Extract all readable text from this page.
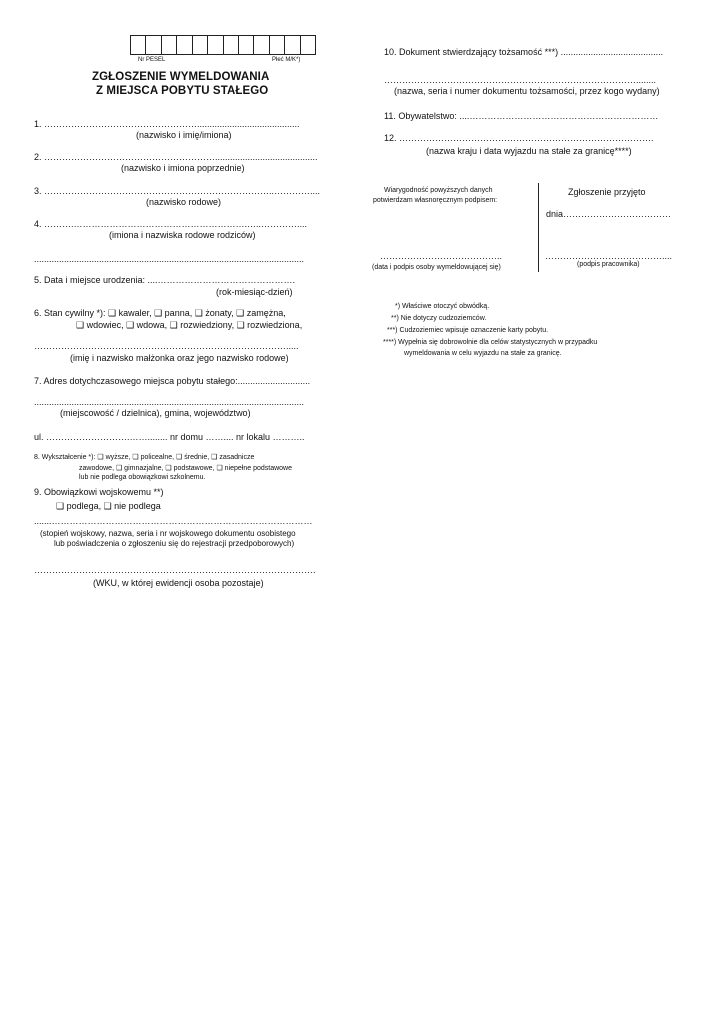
Nr PESEL	Płeć M/K*)
ZGŁOSZENIE WYMELDOWANIA
Z MIEJSCA POBYTU STAŁEGO
1. …………………………………………….........................................
(nazwisko i imię/imiona)
2. ………………………………………………….........................................
(nazwisko i imiona poprzednie)
3. …………………………………………………………………..…………....
(nazwisko rodowe)
4. ……….………………………………………………….…..…………....
(imiona i nazwiska rodowe rodziców)
............................................................................................................
5. Data i miejsce urodzenia: ....……………………………………….
(rok-miesiąc-dzień)
6. Stan cywilny *): ❑ kawaler, ❑ panna, ❑ żonaty, ❑ zamężna,
❑ wdowiec, ❑ wdowa, ❑ rozwiedziony, ❑ rozwiedziona,
………………………………………………………………………….....
(imię i nazwisko małżonka oraz jego nazwisko rodowe)
7. Adres dotychczasowego miejsca pobytu stałego:.............................
............................................................................................................
(miejscowość / dzielnica), gmina, województwo)
ul. ……………………….……........ nr domu …….... nr lokalu ………..
8. Wykształcenie *): ❑ wyższe, ❑ policealne, ❑ średnie, ❑ zasadnicze
zawodowe, ❑ gimnazjalne, ❑ podstawowe, ❑ niepełne podstawowe
lub nie podlega obowiązkowi szkolnemu.
9. Obowiązkowi wojskowemu **)
❑ podlega, ❑ nie podlega
.......……………………………………………………………………………
(stopień wojskowy, nazwa, seria i nr wojskowego dokumentu osobistego
lub poświadczenia o zgłoszeniu się do rejestracji przedpoborowych)
………………………………………………………………………………….
(WKU, w której ewidencji osoba pozostaje)
10. Dokument stwierdzający tożsamość ***) .........................................
…………………………………………………………………………........
(nazwa, seria i numer dokumentu tożsamości, przez kogo wydany)
11. Obywatelstwo: ....………………………………………………………
12. ………………………………………………………………………….
(nazwa kraju i data wyjazdu na stałe za granicę****)
Wiarygodność powyższych danych
potwierdzam własnoręcznym podpisem:
Zgłoszenie przyjęto
dnia………………………………
…………………………………..
(data i podpis osoby wymeldowującej się)
…………………………………....
(podpis pracownika)
*) Właściwe otoczyć obwódką.
**) Nie dotyczy cudzoziemców.
***) Cudzoziemiec wpisuje oznaczenie karty pobytu.
****) Wypełnia się dobrowolnie dla celów statystycznych w przypadku
wymeldowania w celu wyjazdu na stałe za granicę.
